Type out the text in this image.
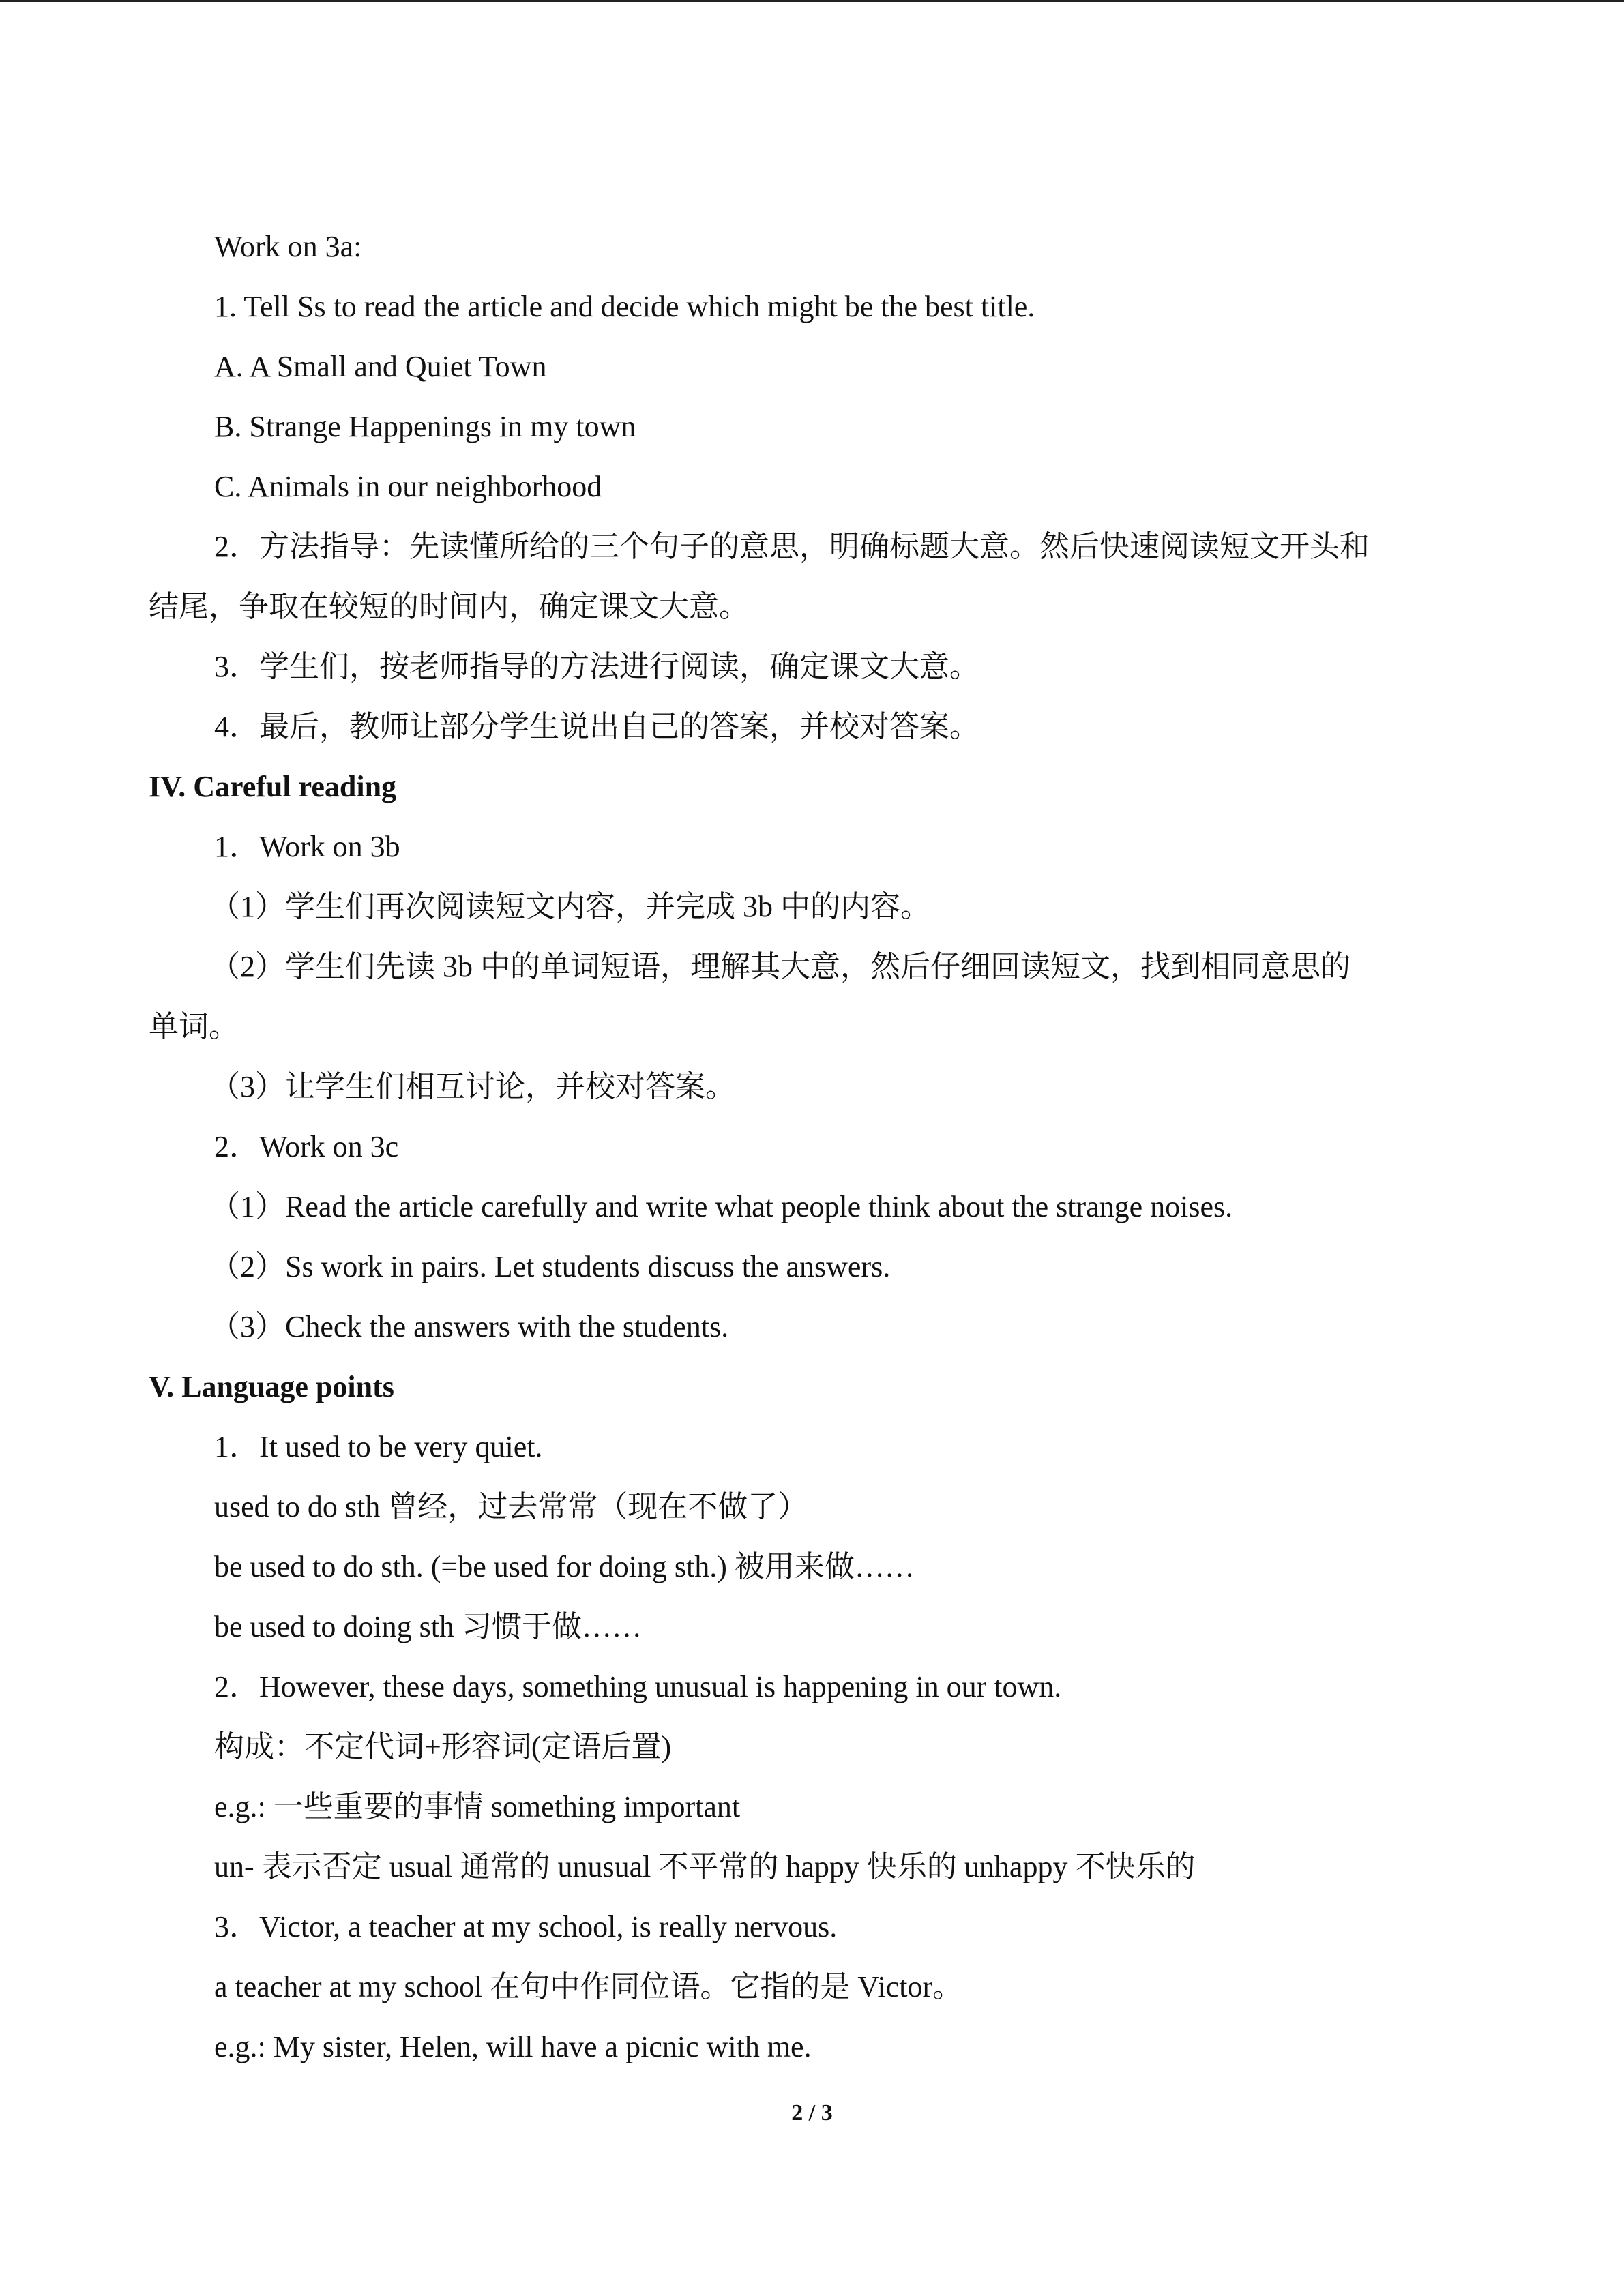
Work on 3a:
1. Tell Ss to read the article and decide which might be the best title.
A. A Small and Quiet Town
B. Strange Happenings in my town
C. Animals in our neighborhood
2．方法指导：先读懂所给的三个句子的意思，明确标题大意。然后快速阅读短文开头和
结尾，争取在较短的时间内，确定课文大意。
3．学生们，按老师指导的方法进行阅读，确定课文大意。
4．最后，教师让部分学生说出自己的答案，并校对答案。
IV. Careful reading
1．Work on 3b
（1）学生们再次阅读短文内容，并完成 3b 中的内容。
（2）学生们先读 3b 中的单词短语，理解其大意，然后仔细回读短文，找到相同意思的
单词。
（3）让学生们相互讨论，并校对答案。
2．Work on 3c
（1）Read the article carefully and write what people think about the strange noises.
（2）Ss work in pairs. Let students discuss the answers.
（3）Check the answers with the students.
V. Language points
1．It used to be very quiet.
used to do sth 曾经，过去常常（现在不做了）
be used to do sth. (=be used for doing sth.) 被用来做……
be used to doing sth 习惯于做……
2．However, these days, something unusual is happening in our town.
构成：不定代词+形容词(定语后置)
e.g.: 一些重要的事情 something important
un- 表示否定 usual 通常的 unusual 不平常的 happy 快乐的 unhappy 不快乐的
3．Victor, a teacher at my school, is really nervous.
a teacher at my school 在句中作同位语。它指的是 Victor。
e.g.: My sister, Helen, will have a picnic with me.
2 / 3
